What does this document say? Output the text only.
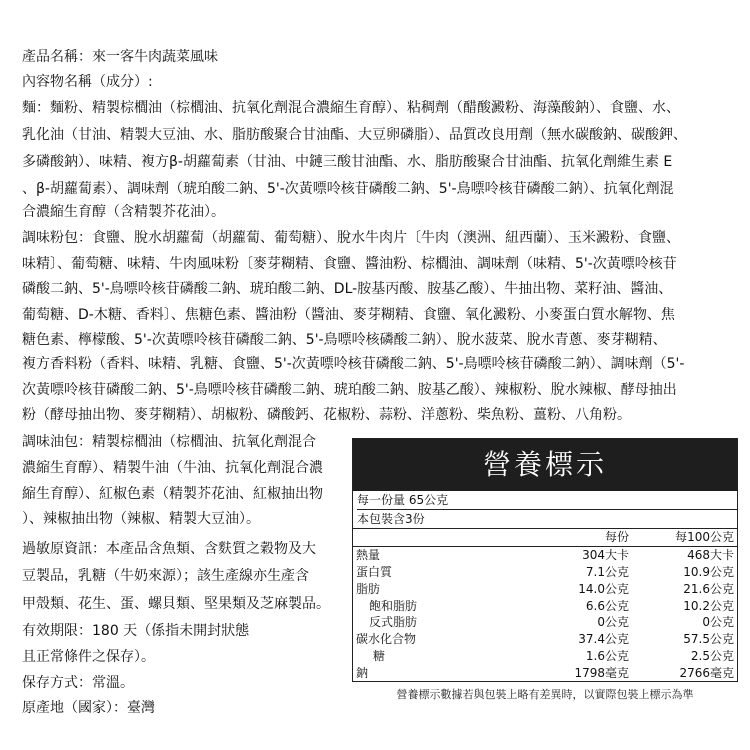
產品名稱：來一客牛肉蔬菜風味
內容物名稱（成分）:
麵：麵粉、精製棕櫚油（棕櫚油、抗氧化劑混合濃縮生育醇）、粘稠劑（醋酸澱粉、海藻酸鈉）、食鹽、水、
乳化油（甘油、精製大豆油、水、脂肪酸聚合甘油酯、大豆卵磷脂）、品質改良用劑（無水碳酸鈉、碳酸鉀、
多磷酸鈉）、味精、複方β-胡蘿蔔素（甘油、中鏈三酸甘油酯、水、脂肪酸聚合甘油酯、抗氧化劑維生素 E
、β-胡蘿蔔素）、調味劑（琥珀酸二鈉、5'-次黃嘌呤核苷磷酸二鈉、5'-鳥嘌呤核苷磷酸二鈉）、抗氧化劑混
合濃縮生育醇（含精製芥花油）。
調味粉包：食鹽、脫水胡蘿蔔（胡蘿蔔、葡萄糖）、脫水牛肉片〔牛肉（澳洲、紐西蘭）、玉米澱粉、食鹽、
味精〕、葡萄糖、味精、牛肉風味粉〔麥芽糊精、食鹽、醬油粉、棕櫚油、調味劑（味精、5'-次黃嘌呤核苷
磷酸二鈉、5'-鳥嘌呤核苷磷酸二鈉、琥珀酸二鈉、DL-胺基丙酸、胺基乙酸）、牛抽出物、菜籽油、醬油、
葡萄糖、D-木糖、香料〕、焦糖色素、醬油粉（醬油、麥芽糊精、食鹽、氧化澱粉、小麥蛋白質水解物、焦
糖色素、檸檬酸、5'-次黃嘌呤核苷磷酸二鈉、5'-鳥嘌呤核磷酸二鈉）、脫水菠菜、脫水青蔥、麥芽糊精、
複方香料粉（香料、味精、乳糖、食鹽、5'-次黃嘌呤核苷磷酸二鈉、5'-鳥嘌呤核苷磷酸二鈉）、調味劑（5'-
次黃嘌呤核苷磷酸二鈉、5'-鳥嘌呤核苷磷酸二鈉、琥珀酸二鈉、胺基乙酸）、辣椒粉、脫水辣椒、酵母抽出
粉（酵母抽出物、麥芽糊精）、胡椒粉、磷酸鈣、花椒粉、蒜粉、洋蔥粉、柴魚粉、薑粉、八角粉。
調味油包：精製棕櫚油（棕櫚油、抗氧化劑混合
濃縮生育醇）、精製牛油（牛油、抗氧化劑混合濃
縮生育醇）、紅椒色素（精製芥花油、紅椒抽出物
）、辣椒抽出物（辣椒、精製大豆油）。
過敏原資訊：本產品含魚類、含麩質之穀物及大
豆製品，乳糖（牛奶來源）；該生產線亦生產含
甲殼類、花生、蛋、螺貝類、堅果類及芝麻製品。
有效期限：180 天（係指未開封狀態
且正常條件之保存）。
保存方式：常溫。
原產地（國家）：臺灣
營養標示
每一份量 65公克
本包裝含3份
	每份	每100公克
熱量	304大卡	468大卡
蛋白質	7.1公克	10.9公克
脂肪	14.0公克	21.6公克
飽和脂肪	6.6公克	10.2公克
反式脂肪	0公克	0公克
碳水化合物	37.4公克	57.5公克
糖	1.6公克	2.5公克
鈉	1798毫克	2766毫克
營養標示數據若與包裝上略有差異時，以實際包裝上標示為準
